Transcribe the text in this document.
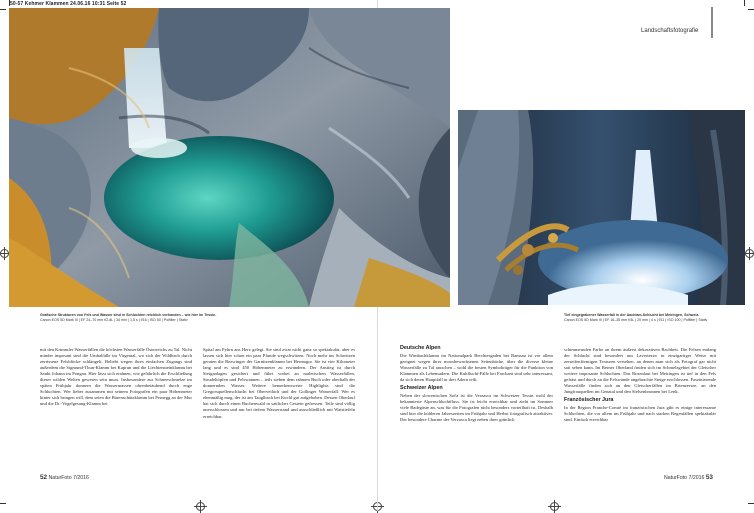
50-57 Kehmer Klammen 24.06.16 10:31 Seite 52
Landschaftsfotografie
Grafische Strukturen von Fels und Wasser sind in Schluchten reichlich vorhanden – wie hier im Tessin.
Canon EOS 5D Mark III | EF 24–70 mm f/2.8L | 34 mm | 1,5 s | f/16 | ISO 50 | Polfilter | Stativ
Tief eingegrabener Wasserfall in der Aachlam-Schlucht bei Meiringen, Schweiz.
Canon EOS 5D Mark III | EF 16–35 mm f/4L | 20 mm | 4 s | f/11 | ISO 100 | Polfilter | Stativ

mit den Krimmler Wasserfällen die höchsten Wasserfälle Österreichs zu Tal. Nicht minder imposant sind die Umbalfälle im Virgental, wo sich der Wildbach durch zerrissene Felsblöcke schlängelt. Beliebt wegen ihres einfachen Zugangs sind außerdem die Sigmund-Thun-Klamm bei Kaprun und die Liechtensteinklamm bei Sankt Johann im Pongau. Hier lässt sich erahnen, wie gefährlich die Erschließung dieser wilden Welten gewesen sein muss. Insbesondere zur Schneeschmelze im späten Frühjahr donnern die Wassermassen ohrenbetäubend durch enge Schluchten. Wer lieber zusammen mit seinem Fotografen ein paar Höhenmeter hinter sich bringen will, dem seien die Bärenschützklamm bei Pernegg an der Mur und die Dr.-Vogelgesang-Klamm bei

Spital am Pyhrn ans Herz gelegt. Sie sind zwar nicht ganz so spektakulär, aber es lassen sich hier schon ein paar Pfunde wegschwitzen. Noch mehr ins Schwitzen geraten die Bezwinger der Garnitzenklamm bei Hermagor. Sie ist vier Kilometer lang und es sind 450 Höhenmeter zu erwandern. Der Anstieg ist durch Steiganlagen gesichert und führt vorbei an malerischen Wasserfällen, Strudeltöpfen und Felswannen – teils sieben dem rahmen Buch oder oberhalb der donnernden Wasser. Weitere bemerkenswerte Highlights sind die Gregorsquellenschlucht bei Oberveilach und der Gollinger Wasserfall. Wer es ebenmäßig mag, der ist am Tauglbach bei Kuchl gut aufgehoben. Dessen Oberlauf hat sich durch einen Buchenwald in sattlicher Gestein gefressen. Teile sind völlig unerschlossen und nur bei tiefem Wasserstand und ausschließlich mit Watstiefeln erreichbar.

Deutsche Alpen

Die Wimbachklamm im Nationalpark Berchtesgaden bei Ramsau ist vor allem geeignet wegen ihrer moosbewachsenen Seitenbäche, über die diverse kleine Wasserfälle zu Tal rauschen – wohl die besten Symbolträger für die Funktion von Klammen als Lebensadern. Die Kuhflucht-Fälle bei Farchant sind sehr interessant, da sich deren Hauptfall in drei Adern teilt.

Schweizer Alpen

Neben der slowenischen Soča ist die Verzasca im Schweizer Tessin wohl der bekannteste Alpenschluchtfluss. Sie ist leicht erreichbar und zieht im Sommer viele Badegäste an, was für die Fotografen nicht besonders vorteilhaft ist. Deshalb sind hier die kühleren Jahreszeiten im Frühjahr und Herbst fotografisch attraktiver. Der besondere Charme der Verzasca liegt neben ihrer grünlich

schimmernden Farbe an ihrem äußerst dekorativen Bachbett. Die Felsen entlang der Schlucht sind besonders um Lavertezzo in einzigartiger Weise mit zerseifenförmigen Texturen versehen, an denen man sich als Fotograf gar nicht satt sehen kann. Im Berner Oberland finden sich im Schmelzgebiet der Gletscher weitere imposante Schluchten. Das Rosenlaui bei Meiringen ist tief in den Fels gefräst und durch an die Felswände angebrachte Steige erschlossen. Faszinierende Wasserfälle finden sich an den Gletscherfällen im Brienzersee, an den Jungfrauquellen im Genatal und den Stelsenbrunnen bei Lenk.

Französischer Jura

In der Region Franche-Comté im französischen Jura gibt es einige interessante Schluchten, die vor allem im Frühjahr und nach starken Regenfällen spektakulär sind. Einfach erreichbar

52 NaturFoto 7/2016	NaturFoto 7/2016 53
